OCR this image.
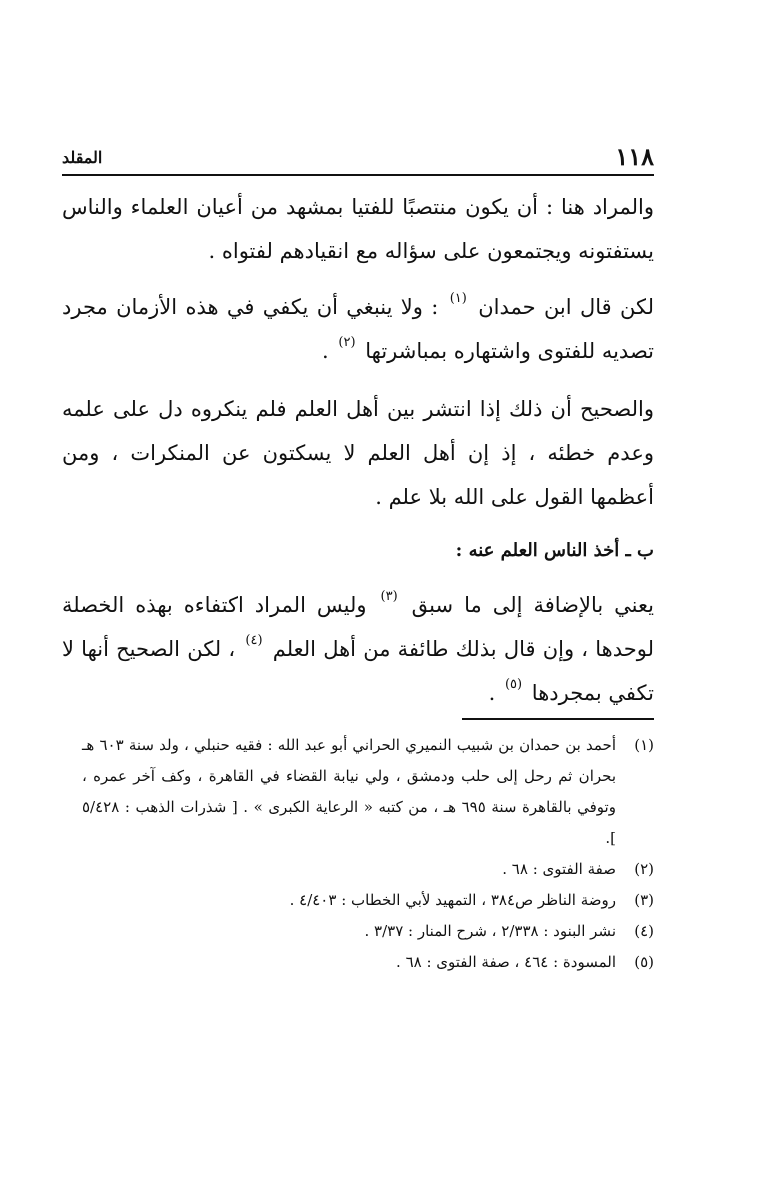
١١٨
المقلد

والمراد هنا : أن يكون منتصبًا للفتيا بمشهد من أعيان العلماء والناس يستفتونه ويجتمعون على سؤاله مع انقيادهم لفتواه .

لكن قال ابن حمدان $^{(١)}$ : ولا ينبغي أن يكفي في هذه الأزمان مجرد تصديه للفتوى واشتهاره بمباشرتها $^{(٢)}$ .

والصحيح أن ذلك إذا انتشر بين أهل العلم فلم ينكروه دل على علمه وعدم خطئه ، إذ إن أهل العلم لا يسكتون عن المنكرات ، ومن أعظمها القول على الله بلا علم .

ب ـ أخذ الناس العلم عنه :

يعني بالإضافة إلى ما سبق $^{(٣)}$ وليس المراد اكتفاءه بهذه الخصلة لوحدها ، وإن قال بذلك طائفة من أهل العلم $^{(٤)}$ ، لكن الصحيح أنها لا تكفي بمجردها $^{(٥)}$ .

(١)
أحمد بن حمدان بن شبيب النميري الحراني أبو عبد الله : فقيه حنبلي ، ولد سنة ٦٠٣ هـ بحران ثم رحل إلى حلب ودمشق ، ولي نيابة القضاء في القاهرة ، وكف آخر عمره ، وتوفي بالقاهرة سنة ٦٩٥ هـ ، من كتبه « الرعاية الكبرى » . [ شذرات الذهب : ٥/٤٢٨ ].
(٢)
صفة الفتوى : ٦٨ .
(٣)
روضة الناظر ص٣٨٤ ، التمهيد لأبي الخطاب : ٤/٤٠٣ .
(٤)
نشر البنود : ٢/٣٣٨ ، شرح المنار : ٣/٣٧ .
(٥)
المسودة : ٤٦٤ ، صفة الفتوى : ٦٨ .
